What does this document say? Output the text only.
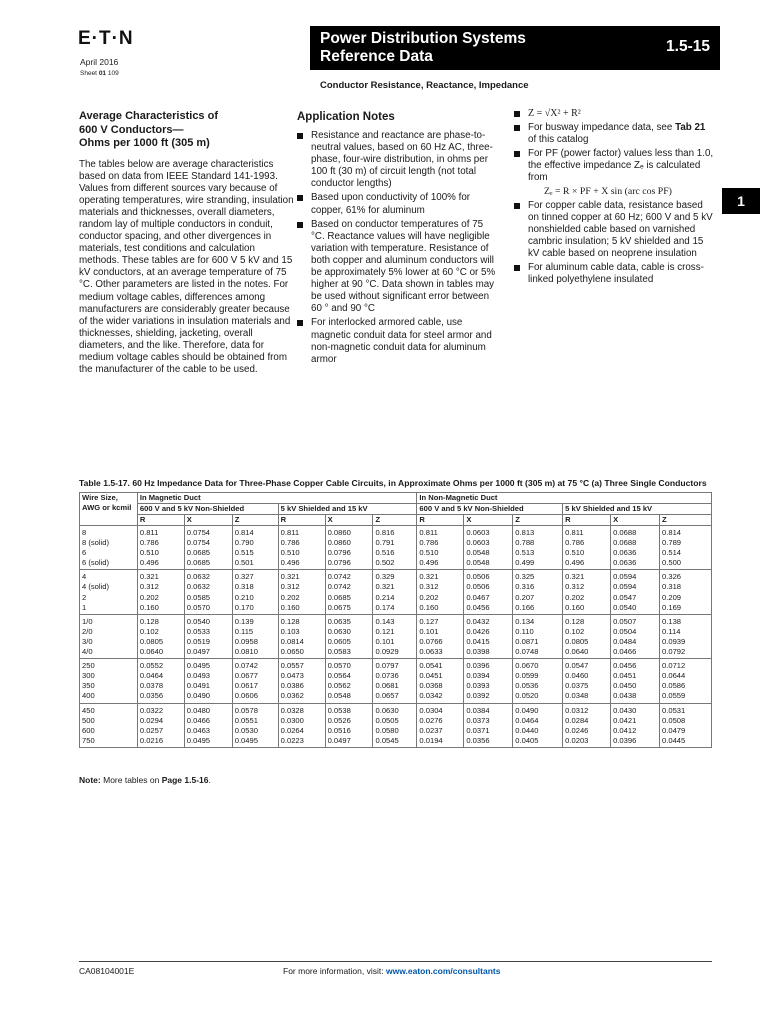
E·T·N
April 2016
Sheet 01 109
Power Distribution Systems
Reference Data
1.5-15
Conductor Resistance, Reactance, Impedance
1
Average Characteristics of
600 V Conductors—
Ohms per 1000 ft (305 m)

The tables below are average characteristics based on data from IEEE Standard 141-1993. Values from different sources vary because of operating temperatures, wire stranding, insulation materials and thicknesses, overall diameters, random lay of multiple conductors in conduit, conductor spacing, and other divergences in materials, test conditions and calculation methods. These tables are for 600 V 5 kV and 15 kV conductors, at an average temperature of 75 °C. Other parameters are listed in the notes. For medium voltage cables, differences among manufacturers are considerably greater because of the wider variations in insulation materials and thicknesses, shielding, jacketing, overall diameters, and the like. Therefore, data for medium voltage cables should be obtained from the manufacturer of the cable to be used.

Application Notes
Resistance and reactance are phase-to-neutral values, based on 60 Hz AC, three-phase, four-wire distribution, in ohms per 100 ft (30 m) of circuit length (not total conductor lengths)
Based upon conductivity of 100% for copper, 61% for aluminum
Based on conductor temperatures of 75 °C. Reactance values will have negligible variation with temperature. Resistance of both copper and aluminum conductors will be approximately 5% lower at 60 °C or 5% higher at 90 °C. Data shown in tables may be used without significant error between 60 ° and 90 °C
For interlocked armored cable, use magnetic conduit data for steel armor and non-magnetic conduit data for aluminum armor
Z = √X² + R²
For busway impedance data, see Tab 21 of this catalog
For PF (power factor) values less than 1.0, the effective impedance Zₑ is calculated from
Zₑ = R × PF + X sin (arc cos PF)
For copper cable data, resistance based on tinned copper at 60 Hz; 600 V and 5 kV nonshielded cable based on varnished cambric insulation; 5 kV shielded and 15 kV cable based on neoprene insulation
For aluminum cable data, cable is cross-linked polyethylene insulated
Table 1.5-17. 60 Hz Impedance Data for Three-Phase Copper Cable Circuits, in Approximate Ohms per 1000 ft (305 m) at 75 °C (a) Three Single Conductors
Wire Size, AWG or kcmil	In Magnetic Duct						In Non-Magnetic Duct					
	600 V and 5 kV Non-Shielded			5 kV Shielded and 15 kV			600 V and 5 kV Non-Shielded			5 kV Shielded and 15 kV		
	R	X	Z	R	X	Z	R	X	Z	R	X	Z

8
8 (solid)
6
6 (solid)	0.811
0.786
0.510
0.496	0.0754
0.0754
0.0685
0.0685	0.814
0.790
0.515
0.501	0.811
0.786
0.510
0.496	0.0860
0.0860
0.0796
0.0796	0.816
0.791
0.516
0.502	0.811
0.786
0.510
0.496	0.0603
0.0603
0.0548
0.0548	0.813
0.788
0.513
0.499	0.811
0.786
0.510
0.496	0.0688
0.0688
0.0636
0.0636	0.814
0.789
0.514
0.500

4
4 (solid)
2
1	0.321
0.312
0.202
0.160	0.0632
0.0632
0.0585
0.0570	0.327
0.318
0.210
0.170	0.321
0.312
0.202
0.160	0.0742
0.0742
0.0685
0.0675	0.329
0.321
0.214
0.174	0.321
0.312
0.202
0.160	0.0506
0.0506
0.0467
0.0456	0.325
0.316
0.207
0.166	0.321
0.312
0.202
0.160	0.0594
0.0594
0.0547
0.0540	0.326
0.318
0.209
0.169

1/0
2/0
3/0
4/0	0.128
0.102
0.0805
0.0640	0.0540
0.0533
0.0519
0.0497	0.139
0.115
0.0958
0.0810	0.128
0.103
0.0814
0.0650	0.0635
0.0630
0.0605
0.0583	0.143
0.121
0.101
0.0929	0.127
0.101
0.0766
0.0633	0.0432
0.0426
0.0415
0.0398	0.134
0.110
0.0871
0.0748	0.128
0.102
0.0805
0.0640	0.0507
0.0504
0.0484
0.0466	0.138
0.114
0.0939
0.0792

250
300
350
400	0.0552
0.0464
0.0378
0.0356	0.0495
0.0493
0.0491
0.0490	0.0742
0.0677
0.0617
0.0606	0.0557
0.0473
0.0386
0.0362	0.0570
0.0564
0.0562
0.0548	0.0797
0.0736
0.0681
0.0657	0.0541
0.0451
0.0368
0.0342	0.0396
0.0394
0.0393
0.0392	0.0670
0.0599
0.0536
0.0520	0.0547
0.0460
0.0375
0.0348	0.0456
0.0451
0.0450
0.0438	0.0712
0.0644
0.0586
0.0559

450
500
600
750	0.0322
0.0294
0.0257
0.0216	0.0480
0.0466
0.0463
0.0495	0.0578
0.0551
0.0530
0.0495	0.0328
0.0300
0.0264
0.0223	0.0538
0.0526
0.0516
0.0497	0.0630
0.0505
0.0580
0.0545	0.0304
0.0276
0.0237
0.0194	0.0384
0.0373
0.0371
0.0356	0.0490
0.0464
0.0440
0.0405	0.0312
0.0284
0.0246
0.0203	0.0430
0.0421
0.0412
0.0396	0.0531
0.0508
0.0479
0.0445
Note: More tables on Page 1.5-16.
CA08104001E	For more information, visit: www.eaton.com/consultants
